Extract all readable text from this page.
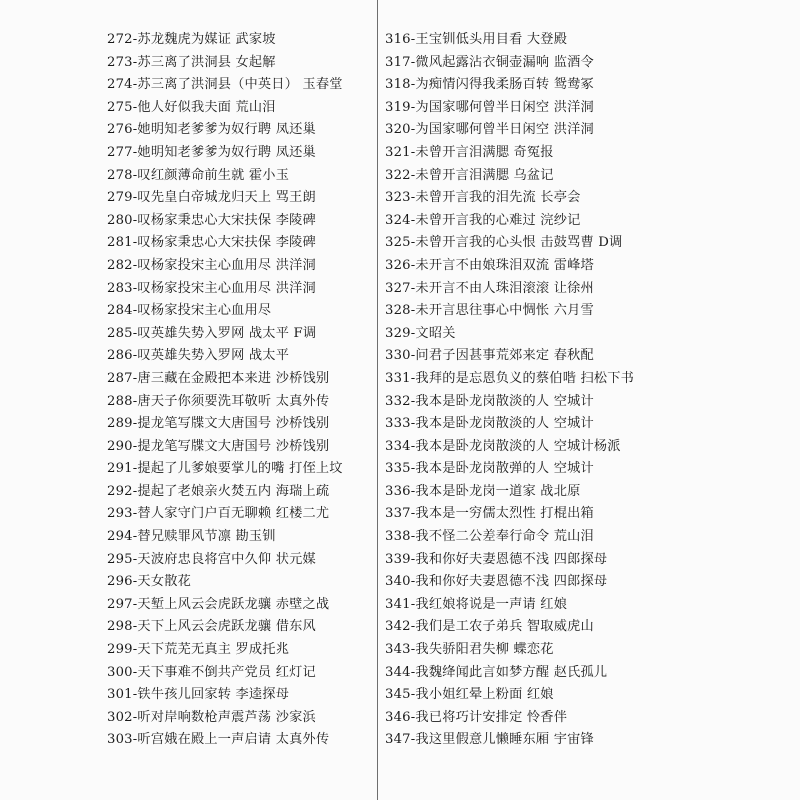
272-苏龙魏虎为媒证 武家坡
273-苏三离了洪洞县 女起解
274-苏三离了洪洞县（中英日） 玉春堂
275-他人好似我夫面 荒山泪
276-她明知老爹爹为奴行聘 凤还巢
277-她明知老爹爹为奴行聘 凤还巢
278-叹红颜薄命前生就 霍小玉
279-叹先皇白帝城龙归天上 骂王朗
280-叹杨家秉忠心大宋扶保 李陵碑
281-叹杨家秉忠心大宋扶保 李陵碑
282-叹杨家投宋主心血用尽 洪洋洞
283-叹杨家投宋主心血用尽 洪洋洞
284-叹杨家投宋主心血用尽
285-叹英雄失势入罗网 战太平 F调
286-叹英雄失势入罗网 战太平
287-唐三藏在金殿把本来进 沙桥饯别
288-唐天子你须要洗耳敬听 太真外传
289-提龙笔写牒文大唐国号 沙桥饯别
290-提龙笔写牒文大唐国号 沙桥饯别
291-提起了儿爹娘要掌儿的嘴 打侄上坟
292-提起了老娘亲火焚五内 海瑞上疏
293-替人家守门户百无聊赖 红楼二尤
294-替兄赎罪风节凛 勘玉钏
295-天波府忠良将宫中久仰 状元媒
296-天女散花
297-天堑上风云会虎跃龙骧 赤壁之战
298-天下上风云会虎跃龙骧 借东风
299-天下荒芜无真主 罗成托兆
300-天下事难不倒共产党员 红灯记
301-铁牛孩儿回家转 李逵探母
302-听对岸响数枪声震芦荡 沙家浜
303-听宫娥在殿上一声启请 太真外传
316-王宝钏低头用目看 大登殿
317-微风起露沾衣铜壶漏响 监酒令
318-为痴情闪得我柔肠百转 鸳鸯冢
319-为国家哪何曾半日闲空 洪洋洞
320-为国家哪何曾半日闲空 洪洋洞
321-未曾开言泪满腮 奇冤报
322-未曾开言泪满腮 乌盆记
323-未曾开言我的泪先流 长亭会
324-未曾开言我的心难过 浣纱记
325-未曾开言我的心头恨 击鼓骂曹 D调
326-未开言不由娘珠泪双流 雷峰塔
327-未开言不由人珠泪滚滚 让徐州
328-未开言思往事心中惆怅 六月雪
329-文昭关
330-问君子因甚事荒郊来定 春秋配
331-我拜的是忘恩负义的蔡伯喈 扫松下书
332-我本是卧龙岗散淡的人 空城计
333-我本是卧龙岗散淡的人 空城计
334-我本是卧龙岗散淡的人 空城计杨派
335-我本是卧龙岗散弹的人 空城计
336-我本是卧龙岗一道家 战北原
337-我本是一穷儒太烈性 打棍出箱
338-我不怪二公差奉行命令 荒山泪
339-我和你好夫妻恩德不浅 四郎探母
340-我和你好夫妻恩德不浅 四郎探母
341-我红娘将说是一声请 红娘
342-我们是工农子弟兵 智取威虎山
343-我失骄阳君失柳 蝶恋花
344-我魏绛闻此言如梦方醒 赵氏孤儿
345-我小姐红晕上粉面 红娘
346-我已将巧计安排定 怜香伴
347-我这里假意儿懒睡东厢 宇宙锋
